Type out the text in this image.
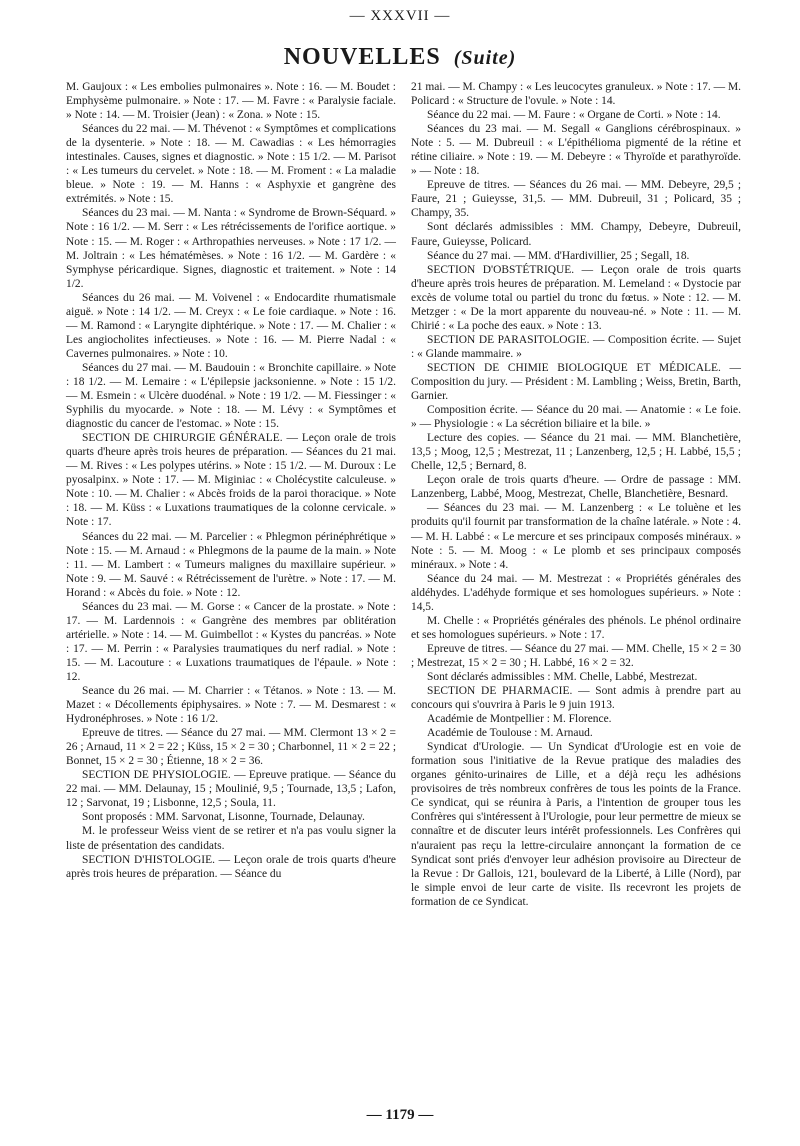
— XXXVII —
NOUVELLES (Suite)

M. Gaujoux : « Les embolies pulmonaires ». Note : 16. — M. Boudet : Emphysème pulmonaire. » Note : 17. — M. Favre : « Paralysie faciale. » Note : 14. — M. Troisier (Jean) : « Zona. » Note : 15.

Séances du 22 mai. — M. Thévenot : « Symptômes et complications de la dysenterie. » Note : 18. — M. Cawadias : « Les hémorragies intestinales. Causes, signes et diagnostic. » Note : 15 1/2. — M. Parisot : « Les tumeurs du cervelet. » Note : 18. — M. Froment : « La maladie bleue. » Note : 19. — M. Hanns : « Asphyxie et gangrène des extrémités. » Note : 15.

Séances du 23 mai. — M. Nanta : « Syndrome de Brown-Séquard. » Note : 16 1/2. — M. Serr : « Les rétrécissements de l'orifice aortique. » Note : 15. — M. Roger : « Arthropathies nerveuses. » Note : 17 1/2. — M. Joltrain : « Les hématémèses. » Note : 16 1/2. — M. Gardère : « Symphyse péricardique. Signes, diagnostic et traitement. » Note : 14 1/2.

Séances du 26 mai. — M. Voivenel : « Endocardite rhumatismale aiguë. » Note : 14 1/2. — M. Creyx : « Le foie cardiaque. » Note : 16. — M. Ramond : « Laryngite diphtérique. » Note : 17. — M. Chalier : « Les angiocholites infectieuses. » Note : 16. — M. Pierre Nadal : « Cavernes pulmonaires. » Note : 10.

Séances du 27 mai. — M. Baudouin : « Bronchite capillaire. » Note : 18 1/2. — M. Lemaire : « L'épilepsie jacksonienne. » Note : 15 1/2. — M. Esmein : « Ulcère duodénal. » Note : 19 1/2. — M. Fiessinger : « Syphilis du myocarde. » Note : 18. — M. Lévy : « Symptômes et diagnostic du cancer de l'estomac. » Note : 15.

SECTION DE CHIRURGIE GÉNÉRALE. — Leçon orale de trois quarts d'heure après trois heures de préparation. — Séances du 21 mai. — M. Rives : « Les polypes utérins. » Note : 15 1/2. — M. Duroux : Le pyosalpinx. » Note : 17. — M. Miginiac : « Cholécystite calculeuse. » Note : 10. — M. Chalier : « Abcès froids de la paroi thoracique. » Note : 18. — M. Küss : « Luxations traumatiques de la colonne cervicale. » Note : 17.

Séances du 22 mai. — M. Parcelier : « Phlegmon périnéphrétique » Note : 15. — M. Arnaud : « Phlegmons de la paume de la main. » Note : 11. — M. Lambert : « Tumeurs malignes du maxillaire supérieur. » Note : 9. — M. Sauvé : « Rétrécissement de l'urètre. » Note : 17. — M. Horand : « Abcès du foie. » Note : 12.

Séances du 23 mai. — M. Gorse : « Cancer de la prostate. » Note : 17. — M. Lardennois : « Gangrène des membres par oblitération artérielle. » Note : 14. — M. Guimbellot : « Kystes du pancréas. » Note : 17. — M. Perrin : « Paralysies traumatiques du nerf radial. » Note : 15. — M. Lacouture : « Luxations traumatiques de l'épaule. » Note : 12.

Seance du 26 mai. — M. Charrier : « Tétanos. » Note : 13. — M. Mazet : « Décollements épiphysaires. » Note : 7. — M. Desmarest : « Hydronéphroses. » Note : 16 1/2.

Epreuve de titres. — Séance du 27 mai. — MM. Clermont 13 × 2 = 26 ; Arnaud, 11 × 2 = 22 ; Küss, 15 × 2 = 30 ; Charbonnel, 11 × 2 = 22 ; Bonnet, 15 × 2 = 30 ; Étienne, 18 × 2 = 36.

SECTION DE PHYSIOLOGIE. — Epreuve pratique. — Séance du 22 mai. — MM. Delaunay, 15 ; Moulinié, 9,5 ; Tournade, 13,5 ; Lafon, 12 ; Sarvonat, 19 ; Lisbonne, 12,5 ; Soula, 11.

Sont proposés : MM. Sarvonat, Lisonne, Tournade, Delaunay.

M. le professeur Weiss vient de se retirer et n'a pas voulu signer la liste de présentation des candidats.

SECTION D'HISTOLOGIE. — Leçon orale de trois quarts d'heure après trois heures de préparation. — Séance du

21 mai. — M. Champy : « Les leucocytes granuleux. » Note : 17. — M. Policard : « Structure de l'ovule. » Note : 14.

Séance du 22 mai. — M. Faure : « Organe de Corti. » Note : 14.

Séances du 23 mai. — M. Segall « Ganglions cérébrospinaux. » Note : 5. — M. Dubreuil : « L'épithélioma pigmenté de la rétine et rétine ciliaire. » Note : 19. — M. Debeyre : « Thyroïde et parathyroïde. » — Note : 18.

Epreuve de titres. — Séances du 26 mai. — MM. Debeyre, 29,5 ; Faure, 21 ; Guieysse, 31,5. — MM. Dubreuil, 31 ; Policard, 35 ; Champy, 35.

Sont déclarés admissibles : MM. Champy, Debeyre, Dubreuil, Faure, Guieysse, Policard.

Séance du 27 mai. — MM. d'Hardivillier, 25 ; Segall, 18.

SECTION D'OBSTÉTRIQUE. — Leçon orale de trois quarts d'heure après trois heures de préparation. M. Lemeland : « Dystocie par excès de volume total ou partiel du tronc du fœtus. » Note : 12. — M. Metzger : « De la mort apparente du nouveau-né. » Note : 11. — M. Chirié : « La poche des eaux. » Note : 13.

SECTION DE PARASITOLOGIE. — Composition écrite. — Sujet : « Glande mammaire. »

SECTION DE CHIMIE BIOLOGIQUE ET MÉDICALE. — Composition du jury. — Président : M. Lambling ; Weiss, Bretin, Barth, Garnier.

Composition écrite. — Séance du 20 mai. — Anatomie : « Le foie. » — Physiologie : « La sécrétion biliaire et la bile. »

Lecture des copies. — Séance du 21 mai. — MM. Blanchetière, 13,5 ; Moog, 12,5 ; Mestrezat, 11 ; Lanzenberg, 12,5 ; H. Labbé, 15,5 ; Chelle, 12,5 ; Bernard, 8.

Leçon orale de trois quarts d'heure. — Ordre de passage : MM. Lanzenberg, Labbé, Moog, Mestrezat, Chelle, Blanchetière, Besnard.

— Séances du 23 mai. — M. Lanzenberg : « Le toluène et les produits qu'il fournit par transformation de la chaîne latérale. » Note : 4. — M. H. Labbé : « Le mercure et ses principaux composés minéraux. » Note : 5. — M. Moog : « Le plomb et ses principaux composés minéraux. » Note : 4.

Séance du 24 mai. — M. Mestrezat : « Propriétés générales des aldéhydes. L'adéhyde formique et ses homologues supérieurs. » Note : 14,5.

M. Chelle : « Propriétés générales des phénols. Le phénol ordinaire et ses homologues supérieurs. » Note : 17.

Epreuve de titres. — Séance du 27 mai. — MM. Chelle, 15 × 2 = 30 ; Mestrezat, 15 × 2 = 30 ; H. Labbé, 16 × 2 = 32.

Sont déclarés admissibles : MM. Chelle, Labbé, Mestrezat.

SECTION DE PHARMACIE. — Sont admis à prendre part au concours qui s'ouvrira à Paris le 9 juin 1913.

Académie de Montpellier : M. Florence.

Académie de Toulouse : M. Arnaud.

Syndicat d'Urologie. — Un Syndicat d'Urologie est en voie de formation sous l'initiative de la Revue pratique des maladies des organes génito-urinaires de Lille, et a déjà reçu les adhésions provisoires de très nombreux confrères de tous les points de la France. Ce syndicat, qui se réunira à Paris, a l'intention de grouper tous les Confrères qui s'intéressent à l'Urologie, pour leur permettre de mieux se connaître et de discuter leurs intérêt professionnels. Les Confrères qui n'auraient pas reçu la lettre-circulaire annonçant la formation de ce Syndicat sont priés d'envoyer leur adhésion provisoire au Directeur de la Revue : Dr Gallois, 121, boulevard de la Liberté, à Lille (Nord), par le simple envoi de leur carte de visite. Ils recevront les projets de formation de ce Syndicat.

— 1179 —
